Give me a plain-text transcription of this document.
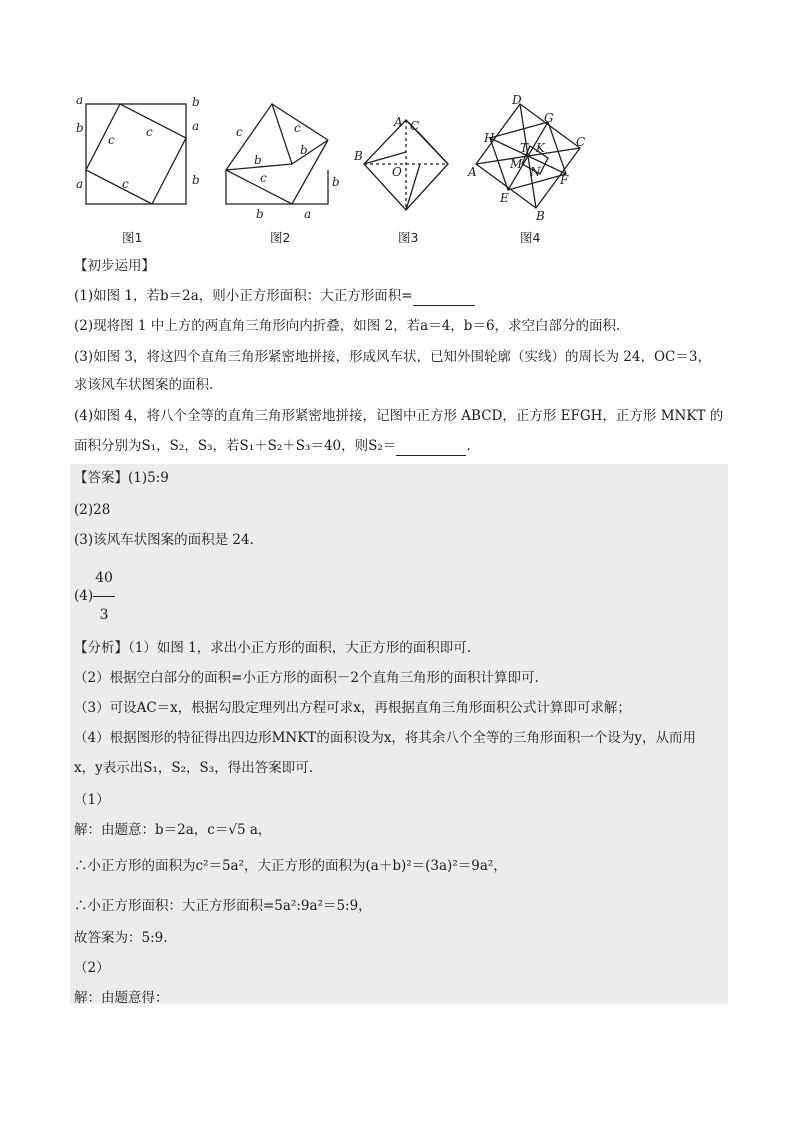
a	b
b	a
c
c
c
a	b
c
b
c
b
c
b
b	a
A C
B
O
D
G
H	C
T K
A
M
N
F
E
B
图1	图2	图3	图4
【初步运用】
(1)如图 1，若b＝2a，则小正方形面积：大正方形面积=
(2)现将图 1 中上方的两直角三角形向内折叠，如图 2，若a＝4，b＝6，求空白部分的面积.
(3)如图 3，将这四个直角三角形紧密地拼接，形成风车状，已知外围轮廓（实线）的周长为 24，OC＝3，
求该风车状图案的面积.
(4)如图 4，将八个全等的直角三角形紧密地拼接，记图中正方形 ABCD，正方形 EFGH，正方形 MNKT 的
面积分别为S₁，S₂，S₃，若S₁＋S₂＋S₃＝40，则S₂＝	.
【答案】(1)5:9
(2)28
(3)该风车状图案的面积是 24.
$(4) \frac{40}{3}$
【分析】（1）如图 1，求出小正方形的面积，大正方形的面积即可.
（2）根据空白部分的面积=小正方形的面积－2个直角三角形的面积计算即可.
（3）可设AC＝x，根据勾股定理列出方程可求x，再根据直角三角形面积公式计算即可求解；
（4）根据图形的特征得出四边形MNKT的面积设为x，将其余八个全等的三角形面积一个设为y，从而用
x，y表示出S₁，S₂，S₃，得出答案即可.
（1）
解：由题意：b＝2a，c＝√5 a，
∴小正方形的面积为c²＝5a²，大正方形的面积为(a＋b)²＝(3a)²＝9a²，
∴小正方形面积：大正方形面积=5a²:9a²＝5:9，
故答案为：5:9.
（2）
解：由题意得：
